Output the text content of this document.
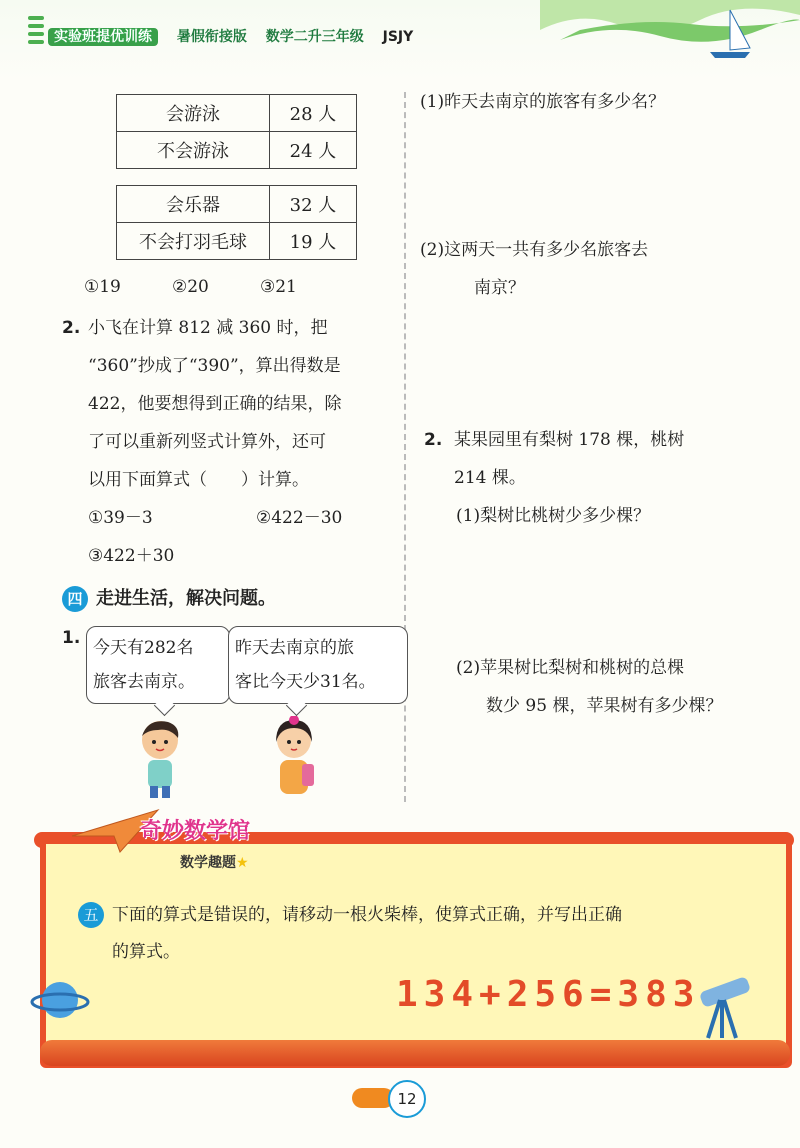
实验班提优训练 暑假衔接版 数学二升三年级 JSJY
会游泳	28 人
不会游泳	24 人
会乐器	32 人
不会打羽毛球	19 人
①19	②20	③21
2. 小飞在计算 812 减 360 时，把
“360”抄成了“390”，算出得数是
422，他要想得到正确的结果，除
了可以重新列竖式计算外，还可
以用下面算式（　　）计算。
①39－3	②422－30
③422＋30
四 走进生活，解决问题。
1. 今天有282名
旅客去南京。
昨天去南京的旅
客比今天少31名。
(1)昨天去南京的旅客有多少名？
(2)这两天一共有多少名旅客去
南京？
2. 某果园里有梨树 178 棵，桃树
214 棵。
(1)梨树比桃树少多少棵？
(2)苹果树比梨树和桃树的总棵
数少 95 棵，苹果树有多少棵？
奇妙数学馆
数学趣题★
五 下面的算式是错误的，请移动一根火柴棒，使算式正确，并写出正确
的算式。
134+256=383
12
